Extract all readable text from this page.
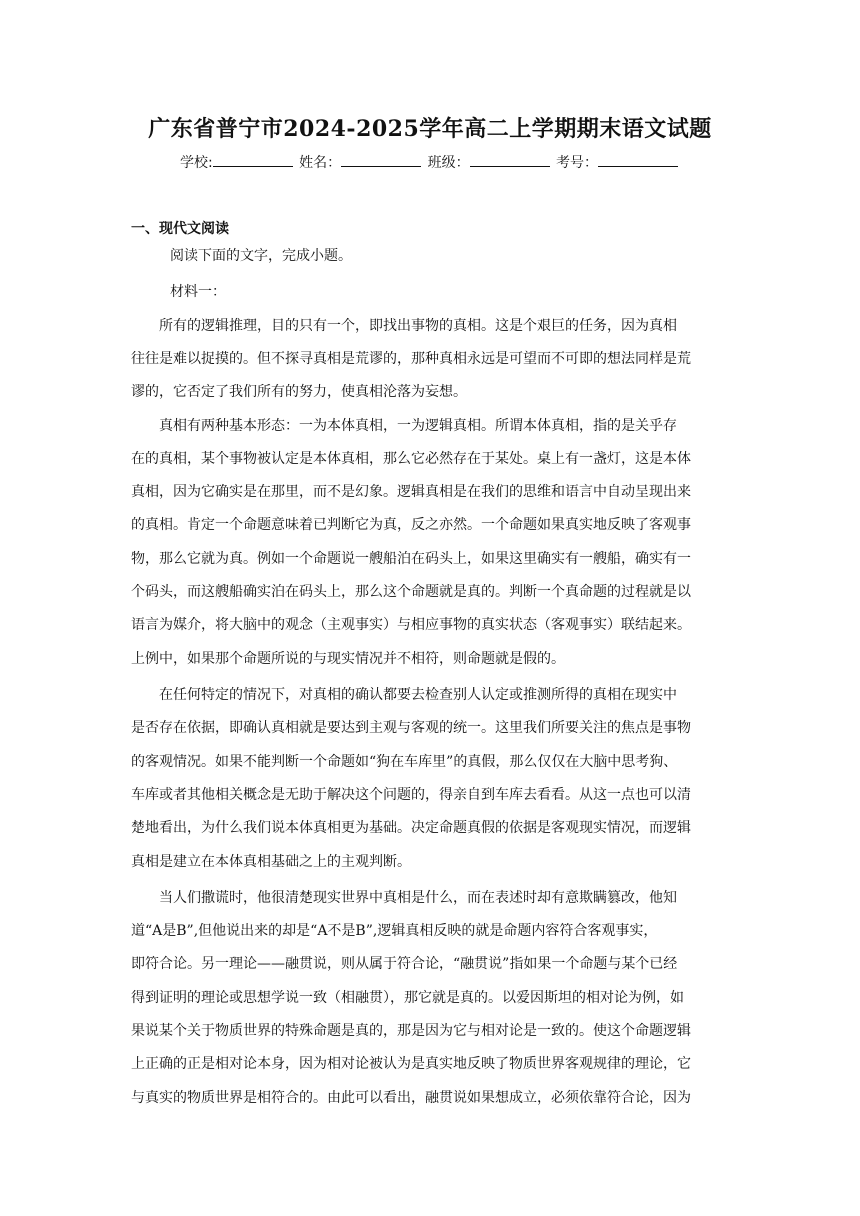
广东省普宁市2024-2025学年高二上学期期末语文试题
学校:	姓名：	班级：	考号：
一、现代文阅读

阅读下面的文字，完成小题。

材料一：

　　所有的逻辑推理，目的只有一个，即找出事物的真相。这是个艰巨的任务，因为真相

往往是难以捉摸的。但不探寻真相是荒谬的，那种真相永远是可望而不可即的想法同样是荒

谬的，它否定了我们所有的努力，使真相沦落为妄想。

　　真相有两种基本形态：一为本体真相，一为逻辑真相。所谓本体真相，指的是关乎存

在的真相，某个事物被认定是本体真相，那么它必然存在于某处。桌上有一盏灯，这是本体

真相，因为它确实是在那里，而不是幻象。逻辑真相是在我们的思维和语言中自动呈现出来

的真相。肯定一个命题意味着已判断它为真，反之亦然。一个命题如果真实地反映了客观事

物，那么它就为真。例如一个命题说一艘船泊在码头上，如果这里确实有一艘船，确实有一

个码头，而这艘船确实泊在码头上，那么这个命题就是真的。判断一个真命题的过程就是以

语言为媒介，将大脑中的观念（主观事实）与相应事物的真实状态（客观事实）联结起来。

上例中，如果那个命题所说的与现实情况并不相符，则命题就是假的。

　　在任何特定的情况下，对真相的确认都要去检查别人认定或推测所得的真相在现实中

是否存在依据，即确认真相就是要达到主观与客观的统一。这里我们所要关注的焦点是事物

的客观情况。如果不能判断一个命题如“狗在车库里”的真假，那么仅仅在大脑中思考狗、

车库或者其他相关概念是无助于解决这个问题的，得亲自到车库去看看。从这一点也可以清

楚地看出，为什么我们说本体真相更为基础。决定命题真假的依据是客观现实情况，而逻辑

真相是建立在本体真相基础之上的主观判断。

　　当人们撒谎时，他很清楚现实世界中真相是什么，而在表述时却有意欺瞒篡改，他知

道“A是B”,但他说出来的却是“A不是B”,逻辑真相反映的就是命题内容符合客观事实，

即符合论。另一理论——融贯说，则从属于符合论，“融贯说”指如果一个命题与某个已经

得到证明的理论或思想学说一致（相融贯），那它就是真的。以爱因斯坦的相对论为例，如

果说某个关于物质世界的特殊命题是真的，那是因为它与相对论是一致的。使这个命题逻辑

上正确的正是相对论本身，因为相对论被认为是真实地反映了物质世界客观规律的理论，它

与真实的物质世界是相符合的。由此可以看出，融贯说如果想成立，必须依靠符合论，因为
